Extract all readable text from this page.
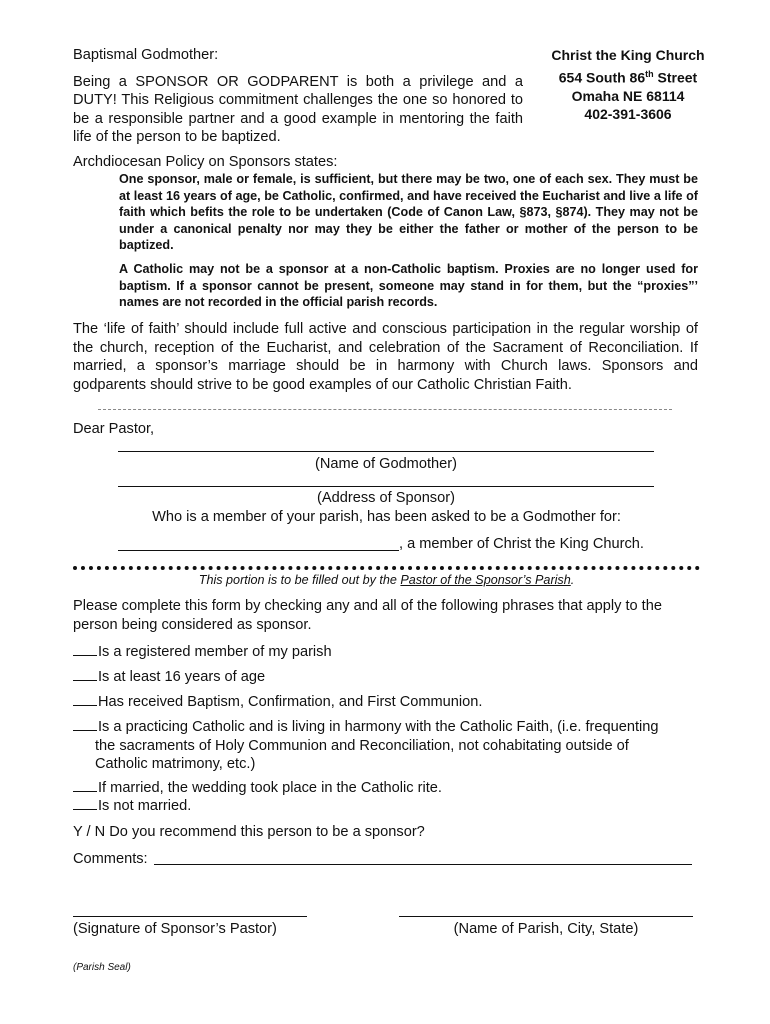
Baptismal Godmother:

Being a SPONSOR OR GODPARENT is both a privilege and a DUTY! This Religious commitment challenges the one so honored to be a responsible partner and a good example in mentoring the faith life of the person to be baptized.

Christ the King Church
654 South 86th Street
Omaha NE 68114
402-391-3606
Archdiocesan Policy on Sponsors states:

One sponsor, male or female, is sufficient, but there may be two, one of each sex. They must be at least 16 years of age, be Catholic, confirmed, and have received the Eucharist and live a life of faith which befits the role to be undertaken (Code of Canon Law, §873, §874). They may not be under a canonical penalty nor may they be either the father or mother of the person to be baptized.

A Catholic may not be a sponsor at a non-Catholic baptism. Proxies are no longer used for baptism. If a sponsor cannot be present, someone may stand in for them, but the “proxies”’ names are not recorded in the official parish records.

The ‘life of faith’ should include full active and conscious participation in the regular worship of the church, reception of the Eucharist, and celebration of the Sacrament of Reconciliation. If married, a sponsor’s marriage should be in harmony with Church laws. Sponsors and godparents should strive to be good examples of our Catholic Christian Faith.

Dear Pastor,
(Name of Godmother)
(Address of Sponsor)
Who is a member of your parish, has been asked to be a Godmother for:
, a member of Christ the King Church.
This portion is to be filled out by the Pastor of the Sponsor’s Parish.

Please complete this form by checking any and all of the following phrases that apply to the person being considered as sponsor.

Is a registered member of my parish
Is at least 16 years of age
Has received Baptism, Confirmation, and First Communion.
Is a practicing Catholic and is living in harmony with the Catholic Faith, (i.e. frequenting
the sacraments of Holy Communion and Reconciliation, not cohabitating outside of
Catholic matrimony, etc.)
If married, the wedding took place in the Catholic rite.
Is not married.
Y / N Do you recommend this person to be a sponsor?
Comments:
(Signature of Sponsor’s Pastor)	(Name of Parish, City, State)
(Parish Seal)
